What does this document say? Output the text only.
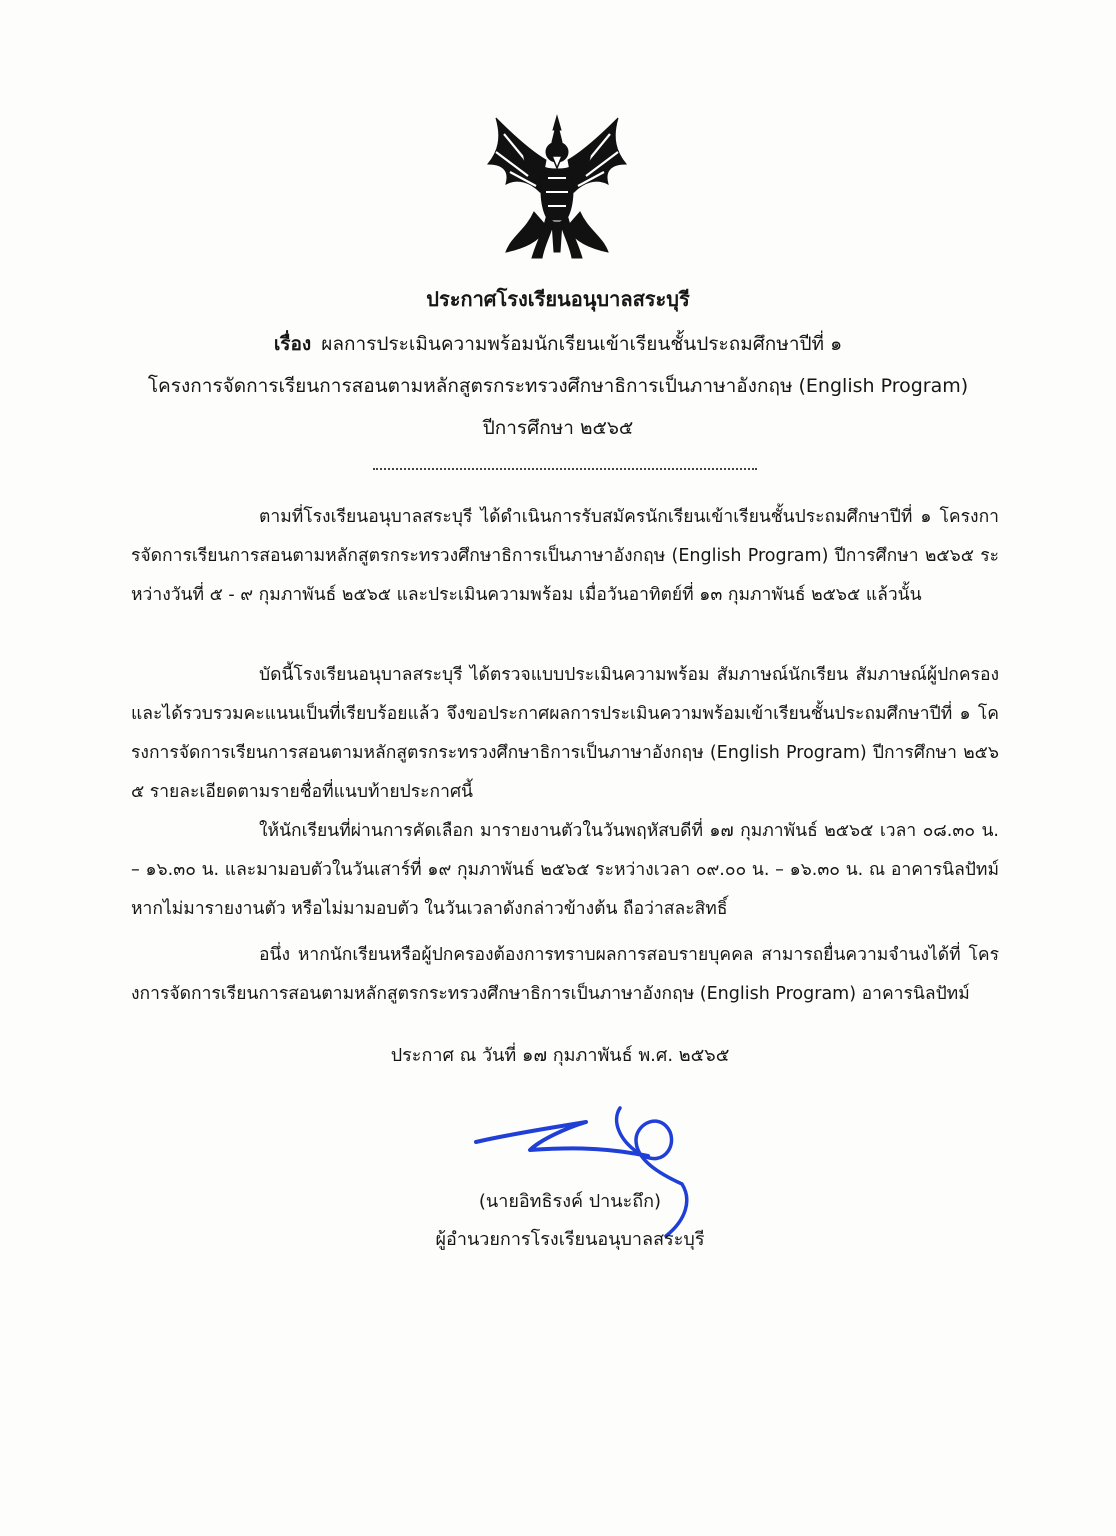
ประกาศโรงเรียนอนุบาลสระบุรี
เรื่อง ผลการประเมินความพร้อมนักเรียนเข้าเรียนชั้นประถมศึกษาปีที่ ๑
โครงการจัดการเรียนการสอนตามหลักสูตรกระทรวงศึกษาธิการเป็นภาษาอังกฤษ (English Program)
ปีการศึกษา ๒๕๖๕

ตามที่โรงเรียนอนุบาลสระบุรี ได้ดำเนินการรับสมัครนักเรียนเข้าเรียนชั้นประถมศึกษาปีที่ ๑ โครงการจัดการเรียนการสอนตามหลักสูตรกระทรวงศึกษาธิการเป็นภาษาอังกฤษ (English Program) ปีการศึกษา ๒๕๖๕ ระหว่างวันที่ ๕ - ๙ กุมภาพันธ์ ๒๕๖๕ และประเมินความพร้อม เมื่อวันอาทิตย์ที่ ๑๓ กุมภาพันธ์ ๒๕๖๕ แล้วนั้น

บัดนี้โรงเรียนอนุบาลสระบุรี ได้ตรวจแบบประเมินความพร้อม สัมภาษณ์นักเรียน สัมภาษณ์ผู้ปกครอง และได้รวบรวมคะแนนเป็นที่เรียบร้อยแล้ว จึงขอประกาศผลการประเมินความพร้อมเข้าเรียนชั้นประถมศึกษาปีที่ ๑ โครงการจัดการเรียนการสอนตามหลักสูตรกระทรวงศึกษาธิการเป็นภาษาอังกฤษ (English Program) ปีการศึกษา ๒๕๖๕ รายละเอียดตามรายชื่อที่แนบท้ายประกาศนี้

ให้นักเรียนที่ผ่านการคัดเลือก มารายงานตัวในวันพฤหัสบดีที่ ๑๗ กุมภาพันธ์ ๒๕๖๕ เวลา ๐๘.๓๐ น. – ๑๖.๓๐ น. และมามอบตัวในวันเสาร์ที่ ๑๙ กุมภาพันธ์ ๒๕๖๕ ระหว่างเวลา ๐๙.๐๐ น. – ๑๖.๓๐ น. ณ อาคารนิลปัทม์ หากไม่มารายงานตัว หรือไม่มามอบตัว ในวันเวลาดังกล่าวข้างต้น ถือว่าสละสิทธิ์

อนึ่ง หากนักเรียนหรือผู้ปกครองต้องการทราบผลการสอบรายบุคคล สามารถยื่นความจำนงได้ที่ โครงการจัดการเรียนการสอนตามหลักสูตรกระทรวงศึกษาธิการเป็นภาษาอังกฤษ (English Program) อาคารนิลปัทม์

ประกาศ ณ วันที่ ๑๗ กุมภาพันธ์ พ.ศ. ๒๕๖๕
(นายอิทธิรงค์ ปานะถึก)
ผู้อำนวยการโรงเรียนอนุบาลสระบุรี
